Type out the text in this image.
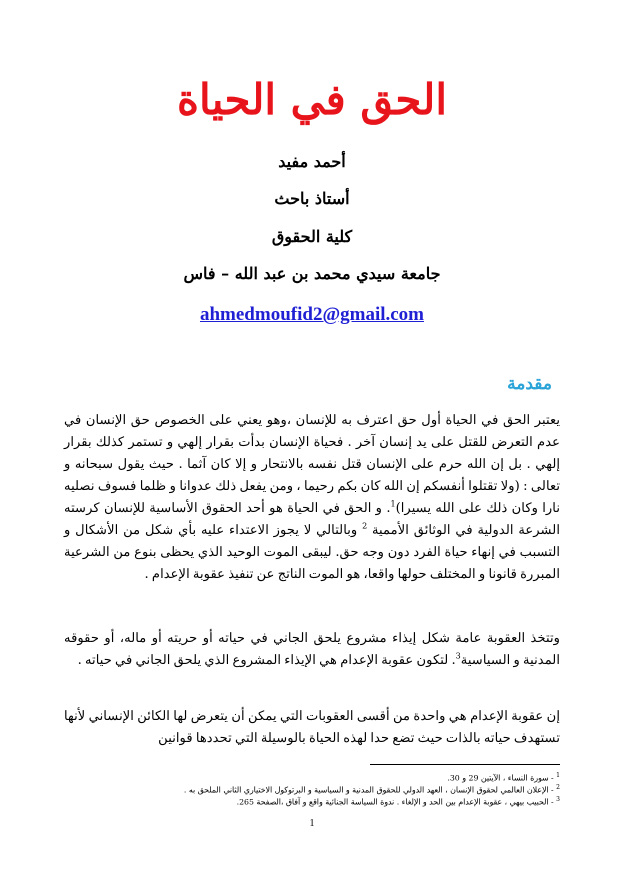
الحق في الحياة
أحمد مفيد
أستاذ باحث
كلية الحقوق
جامعة سيدي محمد بن عبد الله – فاس
ahmedmoufid2@gmail.com
مقدمة

يعتبر الحق في الحياة أول حق اعترف به للإنسان ،وهو يعني على الخصوص حق الإنسان في عدم التعرض للقتل على يد إنسان آخر . فحياة الإنسان بدأت بقرار إلهي و تستمر كذلك بقرار إلهي . بل إن الله حرم على الإنسان قتل نفسه بالانتحار و إلا كان آثما . حيث يقول سبحانه و تعالى : (ولا تقتلوا أنفسكم إن الله كان بكم رحيما ، ومن يفعل ذلك عدوانا و ظلما فسوف نصليه نارا وكان ذلك على الله يسيرا)$^1$. و الحق في الحياة هو أحد الحقوق الأساسية للإنسان كرسته الشرعة الدولية في الوثائق الأممية $^2$ وبالتالي لا يجوز الاعتداء عليه بأي شكل من الأشكال و التسبب في إنهاء حياة الفرد دون وجه حق. ليبقى الموت الوحيد الذي يحظى بنوع من الشرعية المبررة قانونا و المختلف حولها واقعا، هو الموت الناتج عن تنفيذ عقوبة الإعدام .

وتتخذ العقوبة عامة شكل إيذاء مشروع يلحق الجاني في حياته أو حريته أو ماله، أو حقوقه المدنية و السياسية$^3$. لتكون عقوبة الإعدام هي الإيذاء المشروع الذي يلحق الجاني في حياته .

إن عقوبة الإعدام هي واحدة من أقسى العقوبات التي يمكن أن يتعرض لها الكائن الإنساني لأنها تستهدف حياته بالذات حيث تضع حدا لهذه الحياة بالوسيلة التي تحددها قوانين

$^1$ - سورة النساء ، الآيتين 29 و 30.

$^2$ - الإعلان العالمي لحقوق الإنسان ، العهد الدولي للحقوق المدنية و السياسية و البرتوكول الاختياري الثاني الملحق به .

$^3$ - الحبيب بيهي ، عقوبة الإعدام بين الحد و الإلغاء . ندوة السياسة الجنائية واقع و آفاق ،الصفحة 265.

1
